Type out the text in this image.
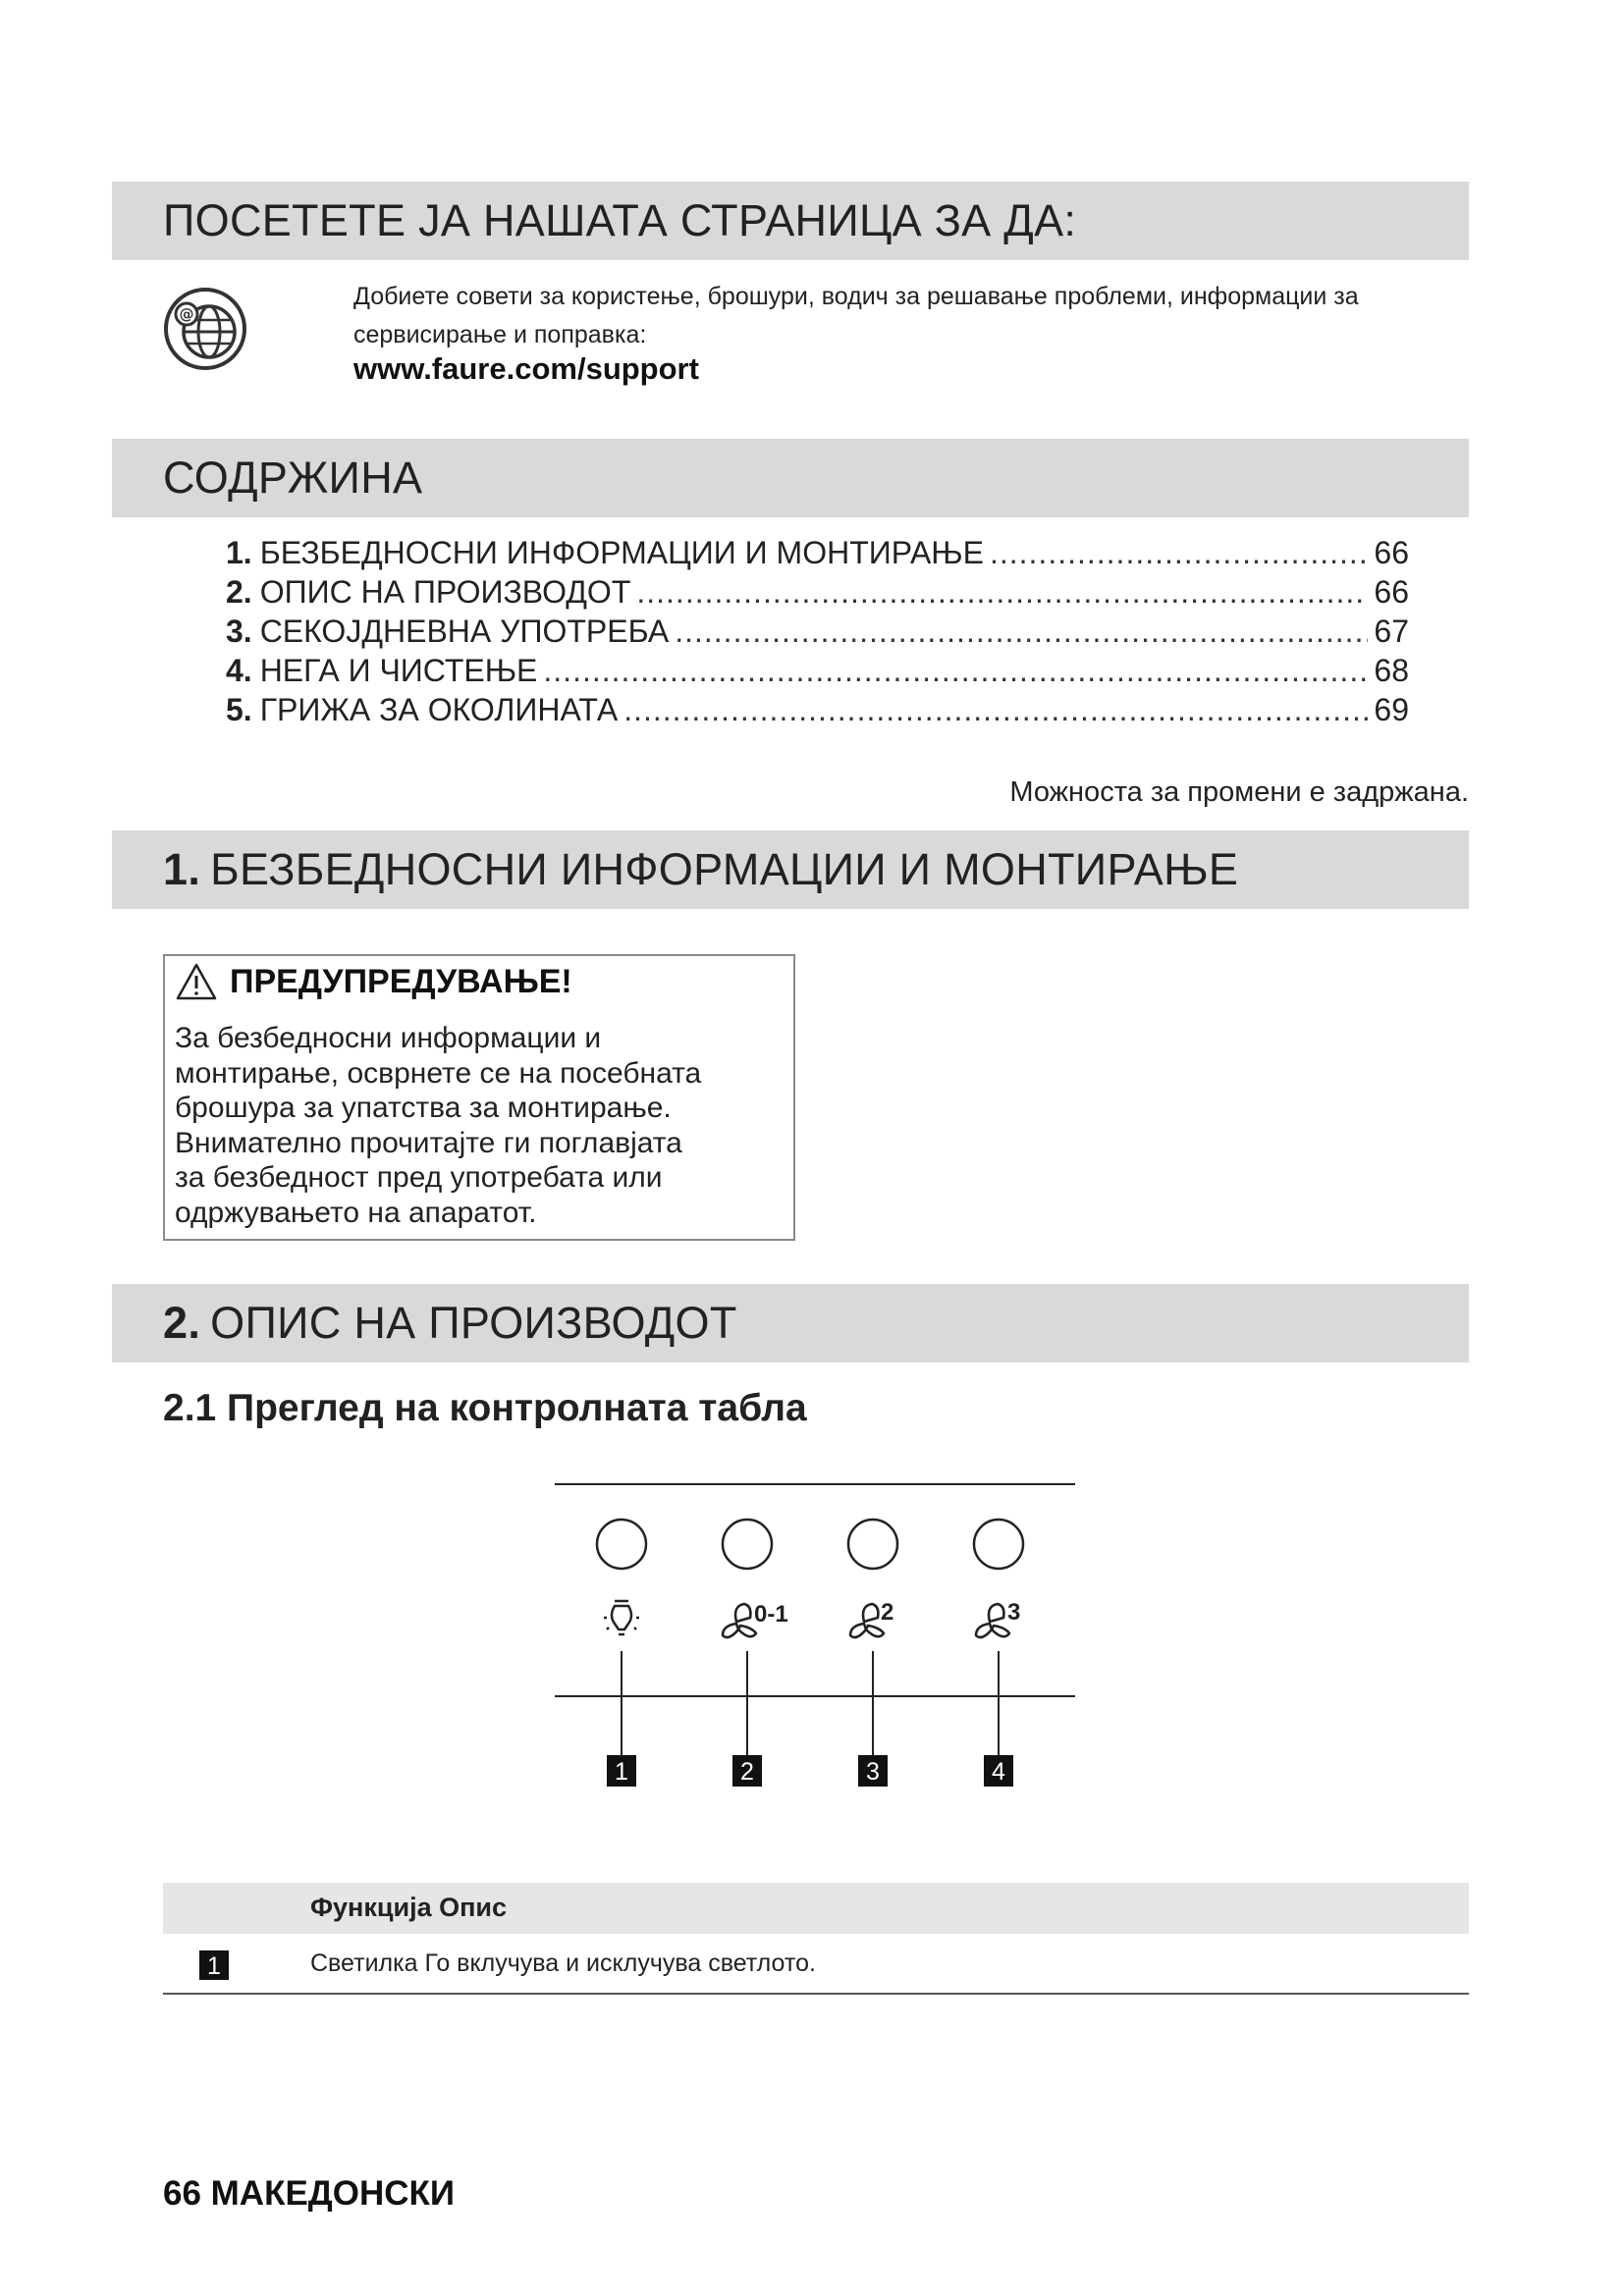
ПОСЕТЕТЕ ЈА НАШАТА СТРАНИЦА ЗА ДА:
@
Добиете совети за користење, брошури, водич за решавање проблеми, информации за сервисирање и поправка:
www.faure.com/support
СОДРЖИНА
1. БЕЗБЕДНОСНИ ИНФОРМАЦИИ И МОНТИРАЊЕ .....	66
2. ОПИС НА ПРОИЗВОДОТ .....	66
3. СЕКОЈДНЕВНА УПОТРЕБА .....	67
4. НЕГА И ЧИСТЕЊЕ .....	68
5. ГРИЖА ЗА ОКОЛИНАТА .....	69
Можноста за промени е задржана.
1. БЕЗБЕДНОСНИ ИНФОРМАЦИИ И МОНТИРАЊЕ
ПРЕДУПРЕДУВАЊЕ!
За безбедносни информации и
монтирање, осврнете се на посебната
брошура за упатства за монтирање.
Внимателно прочитајте ги поглавјата
за безбедност пред употребата или
одржувањето на апаратот.
2. ОПИС НА ПРОИЗВОДОТ
2.1 Преглед на контролната табла
0-1	2	3
1	2	3	4
Функција Опис
1	Светилка Го вклучува и исклучува светлото.
66 МАКЕДОНСКИ
